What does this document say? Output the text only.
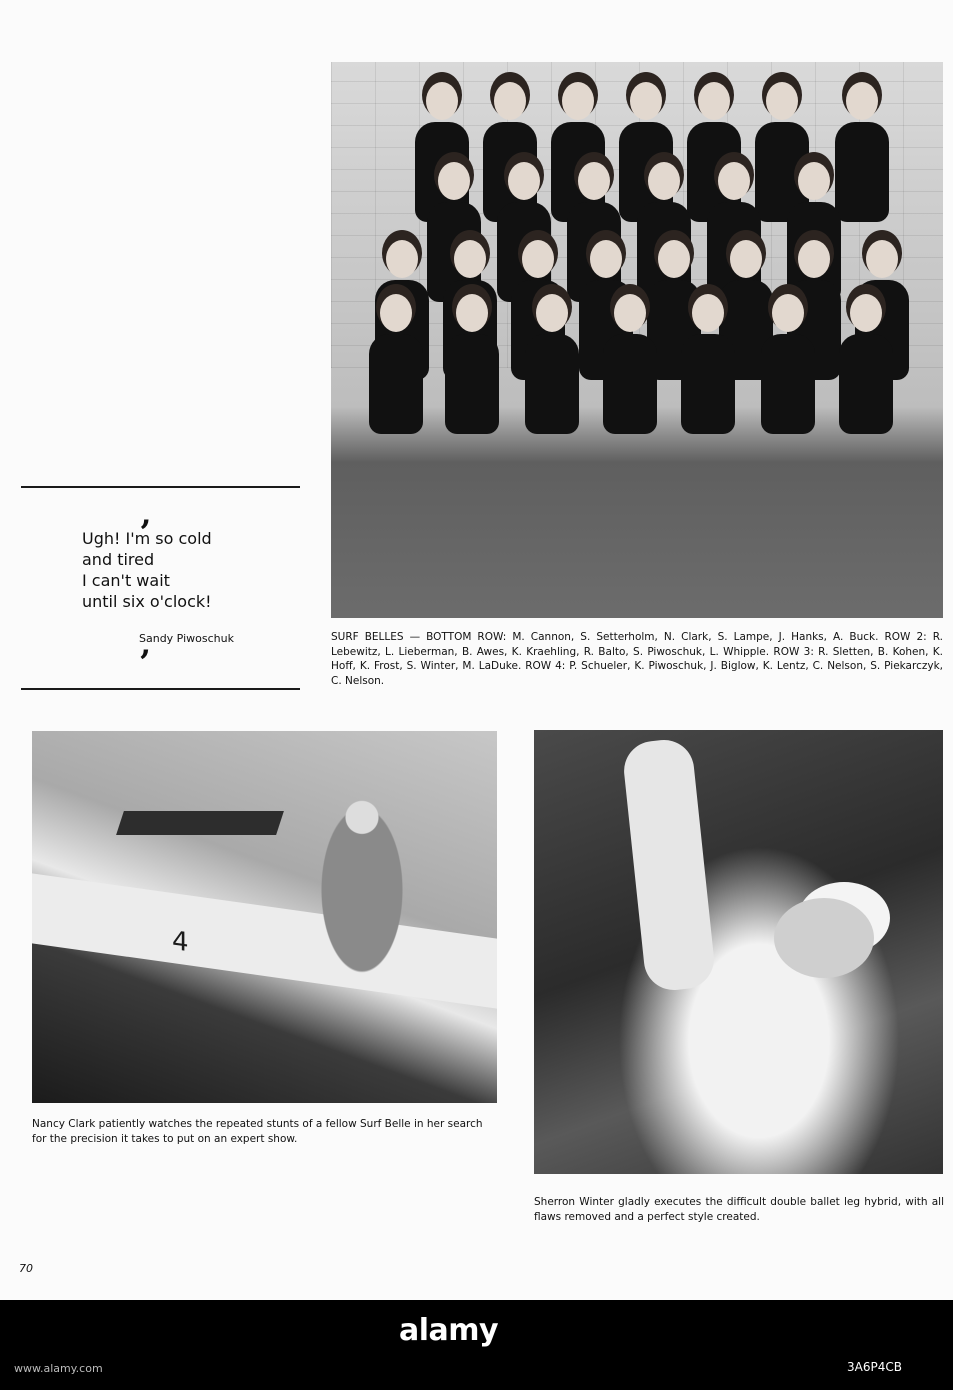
‘

Ugh! I'm so cold
and tired
I can't wait
until six o'clock!

Sandy Piwoschuk
’

SURF BELLES — BOTTOM ROW: M. Cannon, S. Setterholm, N. Clark, S. Lampe, J. Hanks, A. Buck. ROW 2: R. Lebewitz, L. Lieberman, B. Awes, K. Kraehling, R. Balto, S. Piwoschuk, L. Whipple. ROW 3: R. Sletten, B. Kohen, K. Hoff, K. Frost, S. Winter, M. LaDuke. ROW 4: P. Schueler, K. Piwoschuk, J. Biglow, K. Lentz, C. Nelson, S. Piekarczyk, C. Nelson.

4

Nancy Clark patiently watches the repeated stunts of a fellow Surf Belle in her search for the precision it takes to put on an expert show.

Sherron Winter gladly executes the difficult double ballet leg hybrid, with all flaws removed and a perfect style created.

70
alamy
3A6P4CB
www.alamy.com
